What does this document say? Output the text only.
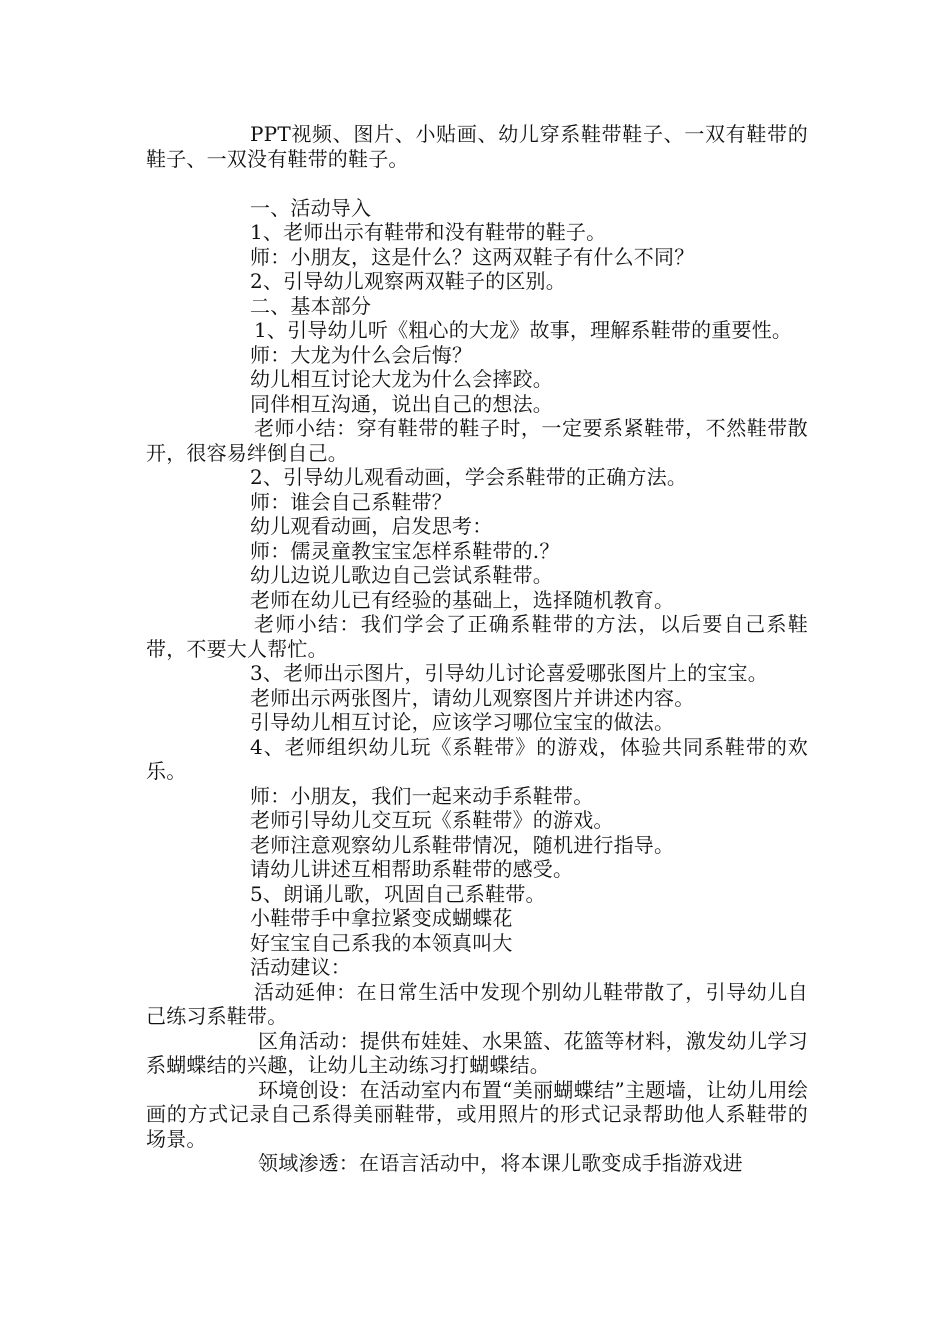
PPT视频、图片、小贴画、幼儿穿系鞋带鞋子、一双有鞋带的鞋子、一双没有鞋带的鞋子。

一、活动导入

1、老师出示有鞋带和没有鞋带的鞋子。

师：小朋友，这是什么？这两双鞋子有什么不同？

2、引导幼儿观察两双鞋子的区别。

二、基本部分

1、引导幼儿听《粗心的大龙》故事，理解系鞋带的重要性。

师：大龙为什么会后悔？

幼儿相互讨论大龙为什么会摔跤。

同伴相互沟通，说出自己的想法。

老师小结：穿有鞋带的鞋子时，一定要系紧鞋带，不然鞋带散开，很容易绊倒自己。

2、引导幼儿观看动画，学会系鞋带的正确方法。

师：谁会自己系鞋带？

幼儿观看动画，启发思考：

师：儒灵童教宝宝怎样系鞋带的.？

幼儿边说儿歌边自己尝试系鞋带。

老师在幼儿已有经验的基础上，选择随机教育。

老师小结：我们学会了正确系鞋带的方法，以后要自己系鞋带，不要大人帮忙。

3、老师出示图片，引导幼儿讨论喜爱哪张图片上的宝宝。

老师出示两张图片，请幼儿观察图片并讲述内容。

引导幼儿相互讨论，应该学习哪位宝宝的做法。

4、老师组织幼儿玩《系鞋带》的游戏，体验共同系鞋带的欢乐。

师：小朋友，我们一起来动手系鞋带。

老师引导幼儿交互玩《系鞋带》的游戏。

老师注意观察幼儿系鞋带情况，随机进行指导。

请幼儿讲述互相帮助系鞋带的感受。

5、朗诵儿歌，巩固自己系鞋带。

小鞋带手中拿拉紧变成蝴蝶花

好宝宝自己系我的本领真叫大

活动建议：

活动延伸：在日常生活中发现个别幼儿鞋带散了，引导幼儿自己练习系鞋带。

区角活动：提供布娃娃、水果篮、花篮等材料，激发幼儿学习系蝴蝶结的兴趣，让幼儿主动练习打蝴蝶结。

环境创设：在活动室内布置“美丽蝴蝶结”主题墙，让幼儿用绘画的方式记录自己系得美丽鞋带，或用照片的形式记录帮助他人系鞋带的场景。

领域渗透：在语言活动中，将本课儿歌变成手指游戏进
